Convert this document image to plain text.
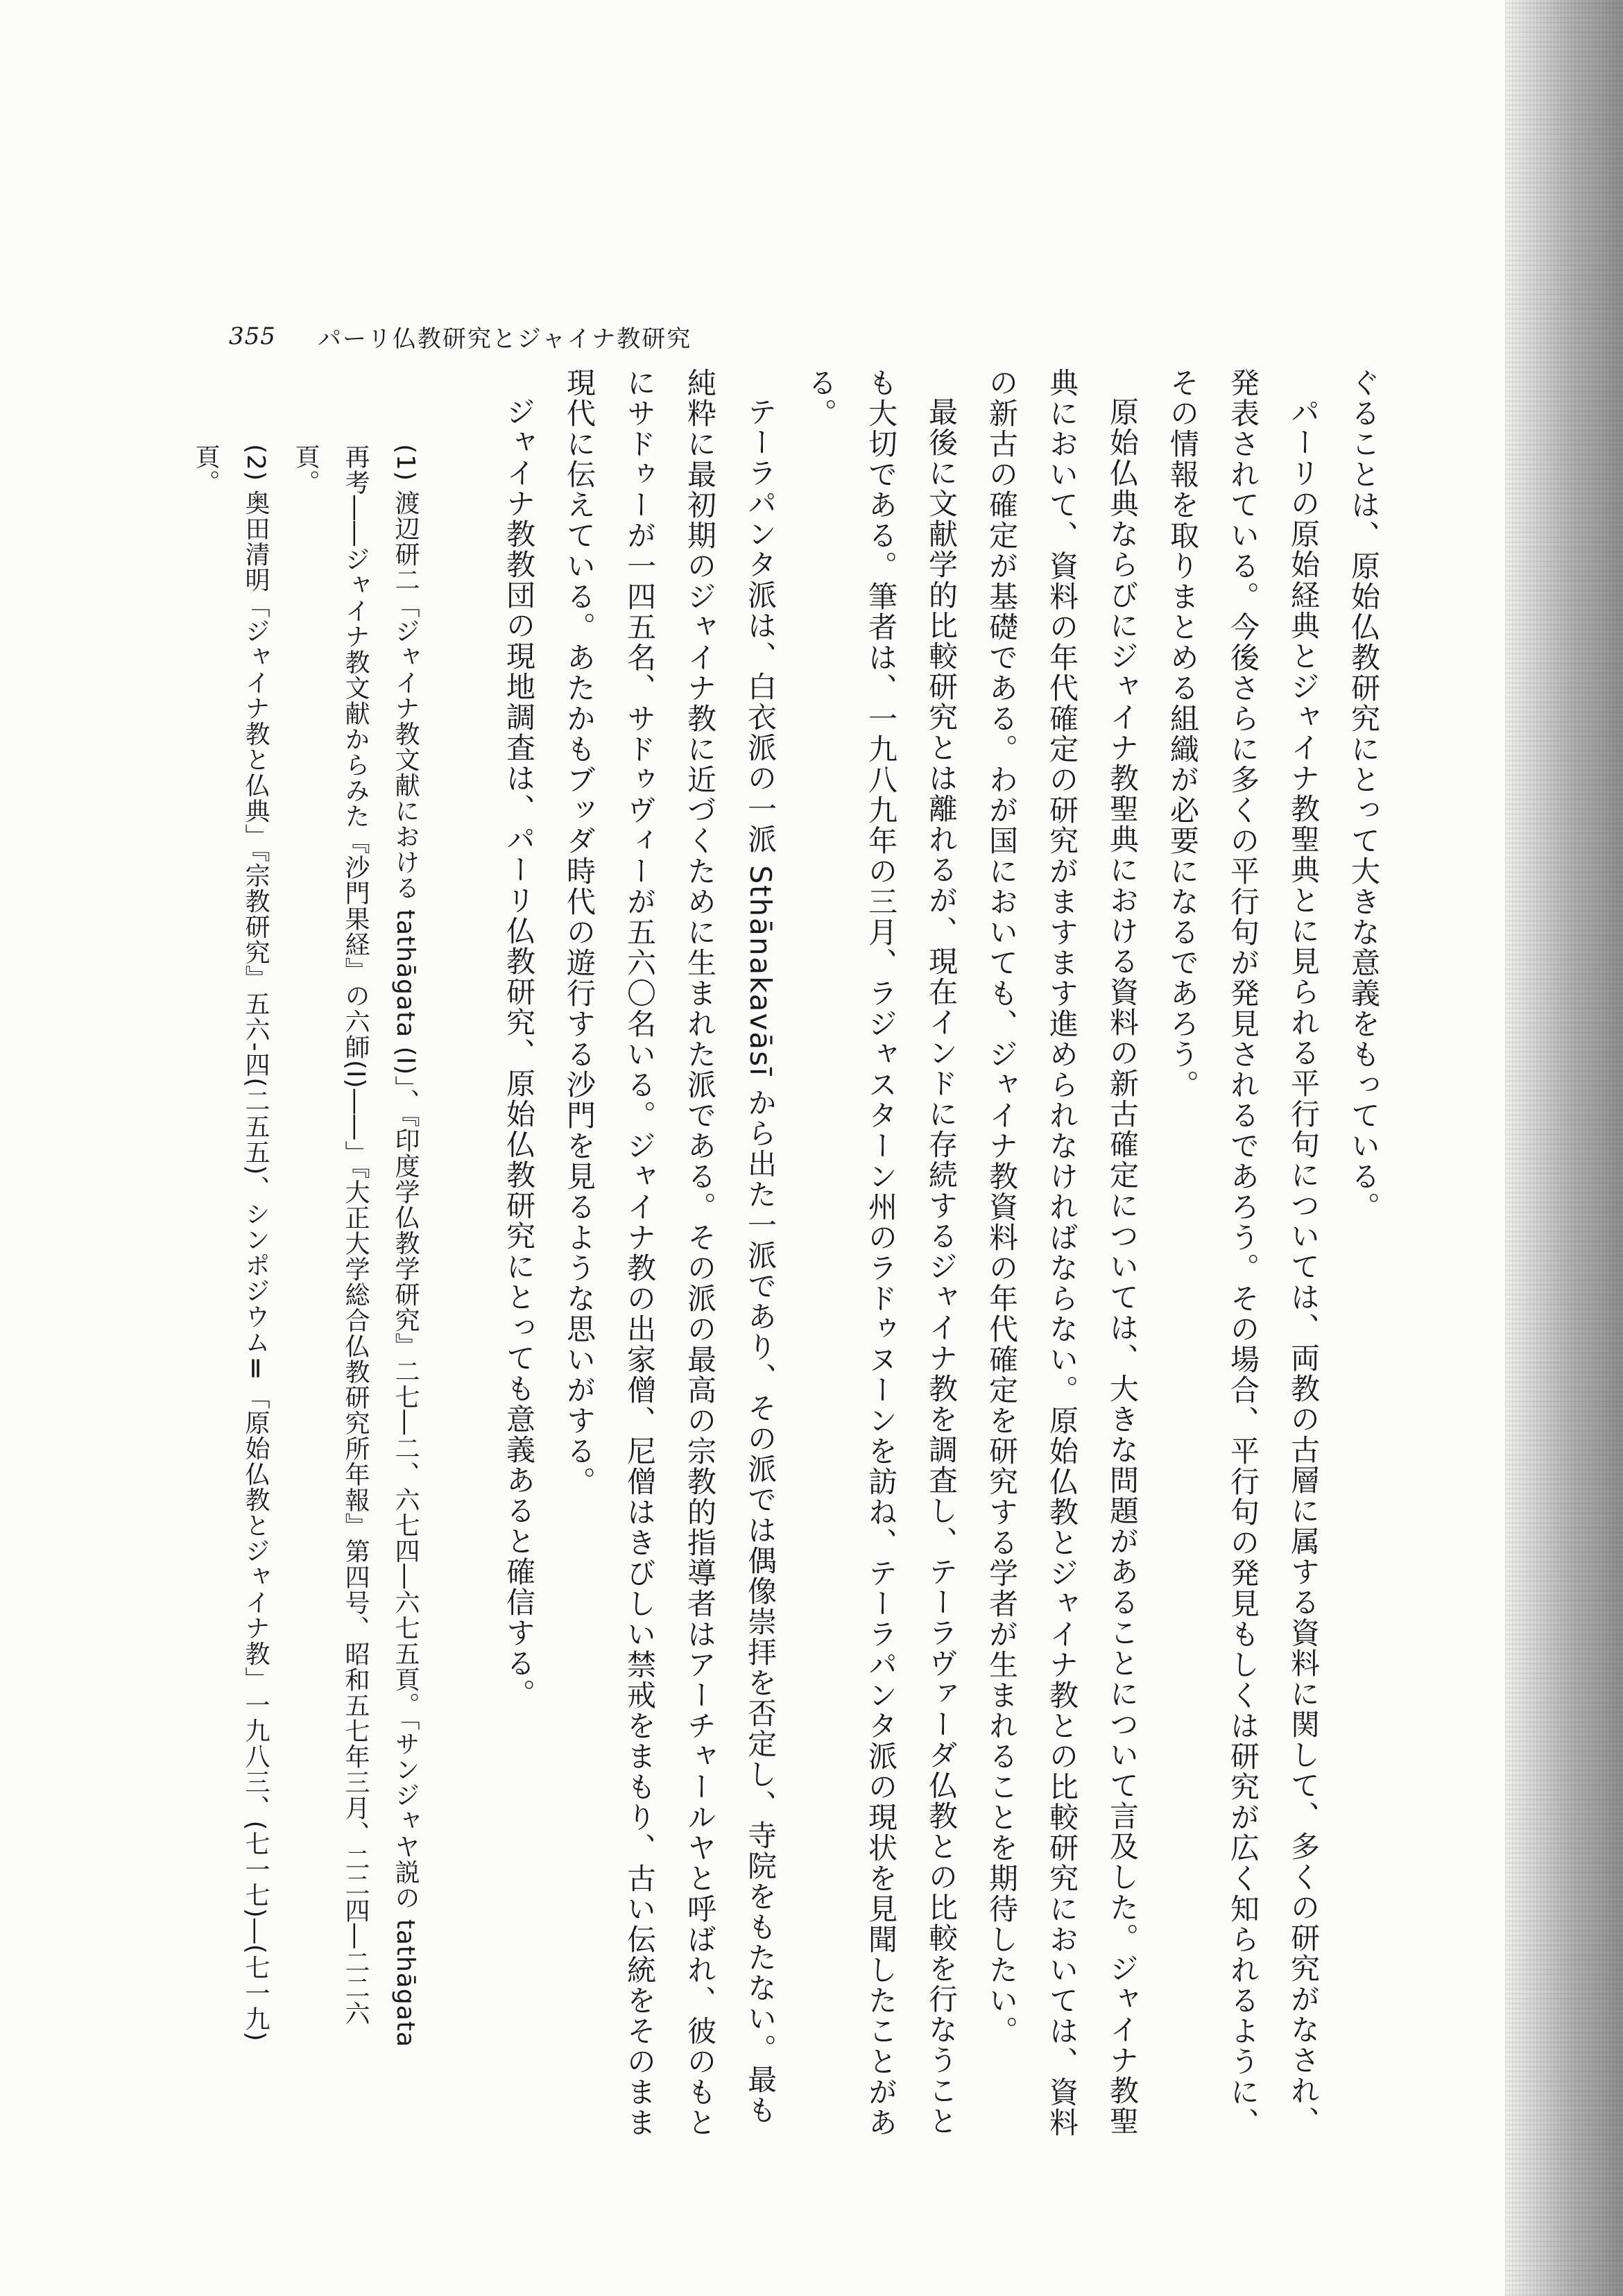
355 パーリ仏教研究とジャイナ教研究

ぐることは、原始仏教研究にとって大きな意義をもっている。

パーリの原始経典とジャイナ教聖典とに見られる平行句については、両教の古層に属する資料に関して、多くの研究がなされ、発表されている。今後さらに多くの平行句が発見されるであろう。その場合、平行句の発見もしくは研究が広く知られるように、その情報を取りまとめる組織が必要になるであろう。

原始仏典ならびにジャイナ教聖典における資料の新古確定については、大きな問題があることについて言及した。ジャイナ教聖典において、資料の年代確定の研究がますます進められなければならない。原始仏教とジャイナ教との比較研究においては、資料の新古の確定が基礎である。わが国においても、ジャイナ教資料の年代確定を研究する学者が生まれることを期待したい。

最後に文献学的比較研究とは離れるが、現在インドに存続するジャイナ教を調査し、テーラヴァーダ仏教との比較を行なうことも大切である。筆者は、一九八九年の三月、ラジャスターン州のラドゥヌーンを訪ね、テーラパンタ派の現状を見聞したことがある。

テーラパンタ派は、白衣派の一派 Sthānakavāsī から出た一派であり、その派では偶像崇拝を否定し、寺院をもたない。最も純粋に最初期のジャイナ教に近づくために生まれた派である。その派の最高の宗教的指導者はアーチャールヤと呼ばれ、彼のもとにサドゥーが一四五名、サドゥヴィーが五六〇名いる。ジャイナ教の出家僧、尼僧はきびしい禁戒をまもり、古い伝統をそのまま現代に伝えている。あたかもブッダ時代の遊行する沙門を見るような思いがする。

ジャイナ教教団の現地調査は、パーリ仏教研究、原始仏教研究にとっても意義あると確信する。

(1) 渡辺研二「ジャイナ教文献における tathāgata (I)」、『印度学仏教学研究』二七―二、六七四―六七五頁。「サンジャヤ説の tathāgata 再考――ジャイナ教文献からみた『沙門果経』の六師(I)――」『大正大学総合仏教研究所年報』第四号、昭和五七年三月、二二四―二二六頁。

(2) 奥田清明「ジャイナ教と仏典」『宗教研究』五六-四(二五五)、シンポジウムⅡ「原始仏教とジャイナ教」一九八三、(七一七)―(七一九)頁。
